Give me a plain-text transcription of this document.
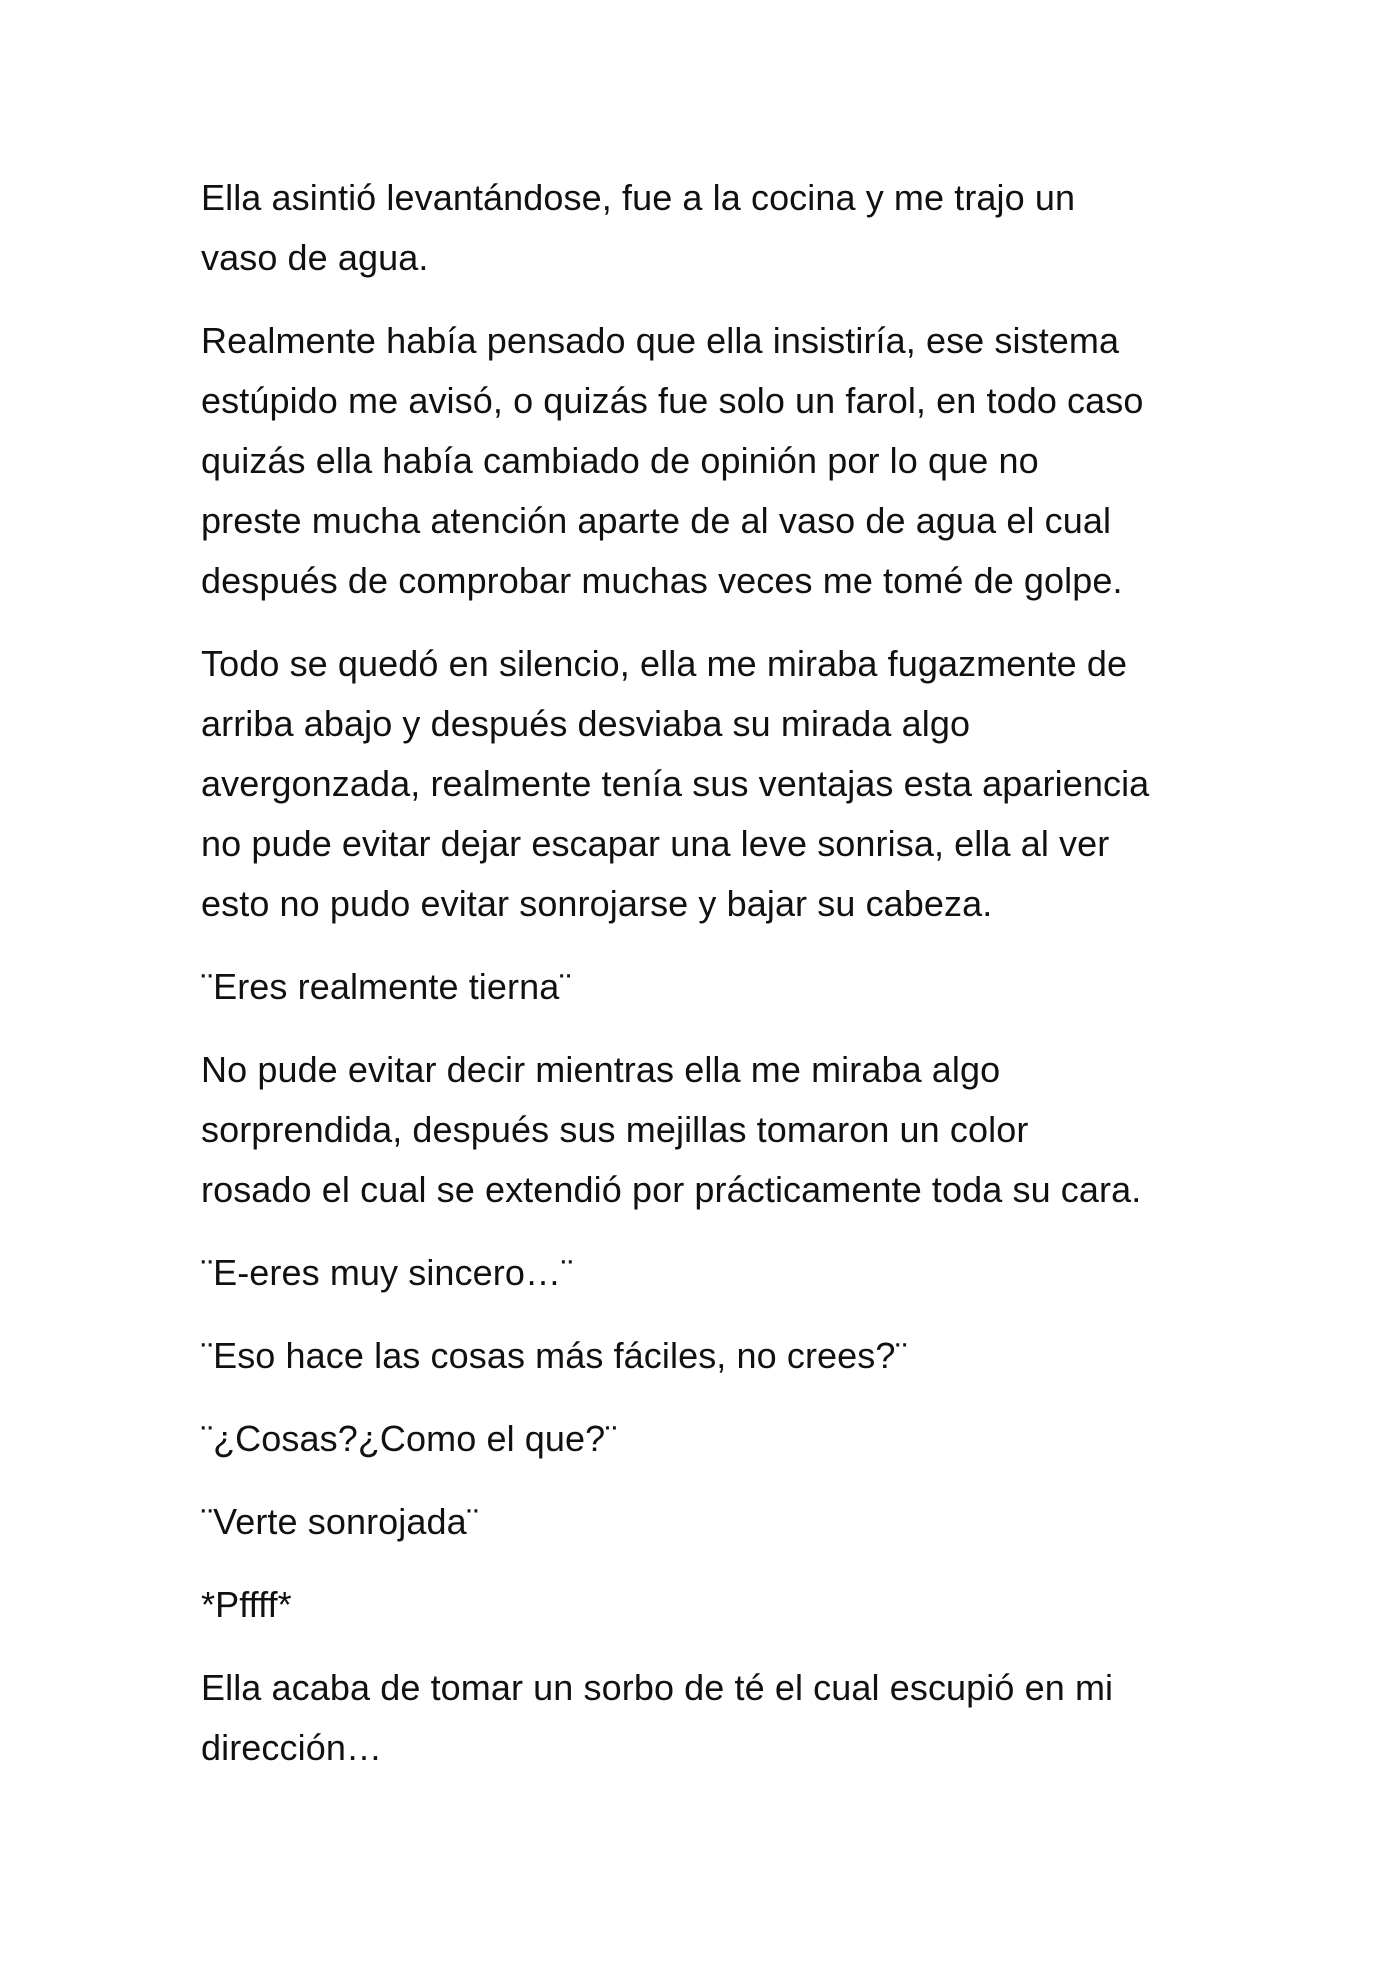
Ella asintió levantándose, fue a la cocina y me trajo un
vaso de agua.

Realmente había pensado que ella insistiría, ese sistema
estúpido me avisó, o quizás fue solo un farol, en todo caso
quizás ella había cambiado de opinión por lo que no
preste mucha atención aparte de al vaso de agua el cual
después de comprobar muchas veces me tomé de golpe.

Todo se quedó en silencio, ella me miraba fugazmente de
arriba abajo y después desviaba su mirada algo
avergonzada, realmente tenía sus ventajas esta apariencia
no pude evitar dejar escapar una leve sonrisa, ella al ver
esto no pudo evitar sonrojarse y bajar su cabeza.

¨Eres realmente tierna¨

No pude evitar decir mientras ella me miraba algo
sorprendida, después sus mejillas tomaron un color
rosado el cual se extendió por prácticamente toda su cara.

¨E-eres muy sincero…¨

¨Eso hace las cosas más fáciles, no crees?¨

¨¿Cosas?¿Como el que?¨

¨Verte sonrojada¨

*Pffff*

Ella acaba de tomar un sorbo de té el cual escupió en mi
dirección…
